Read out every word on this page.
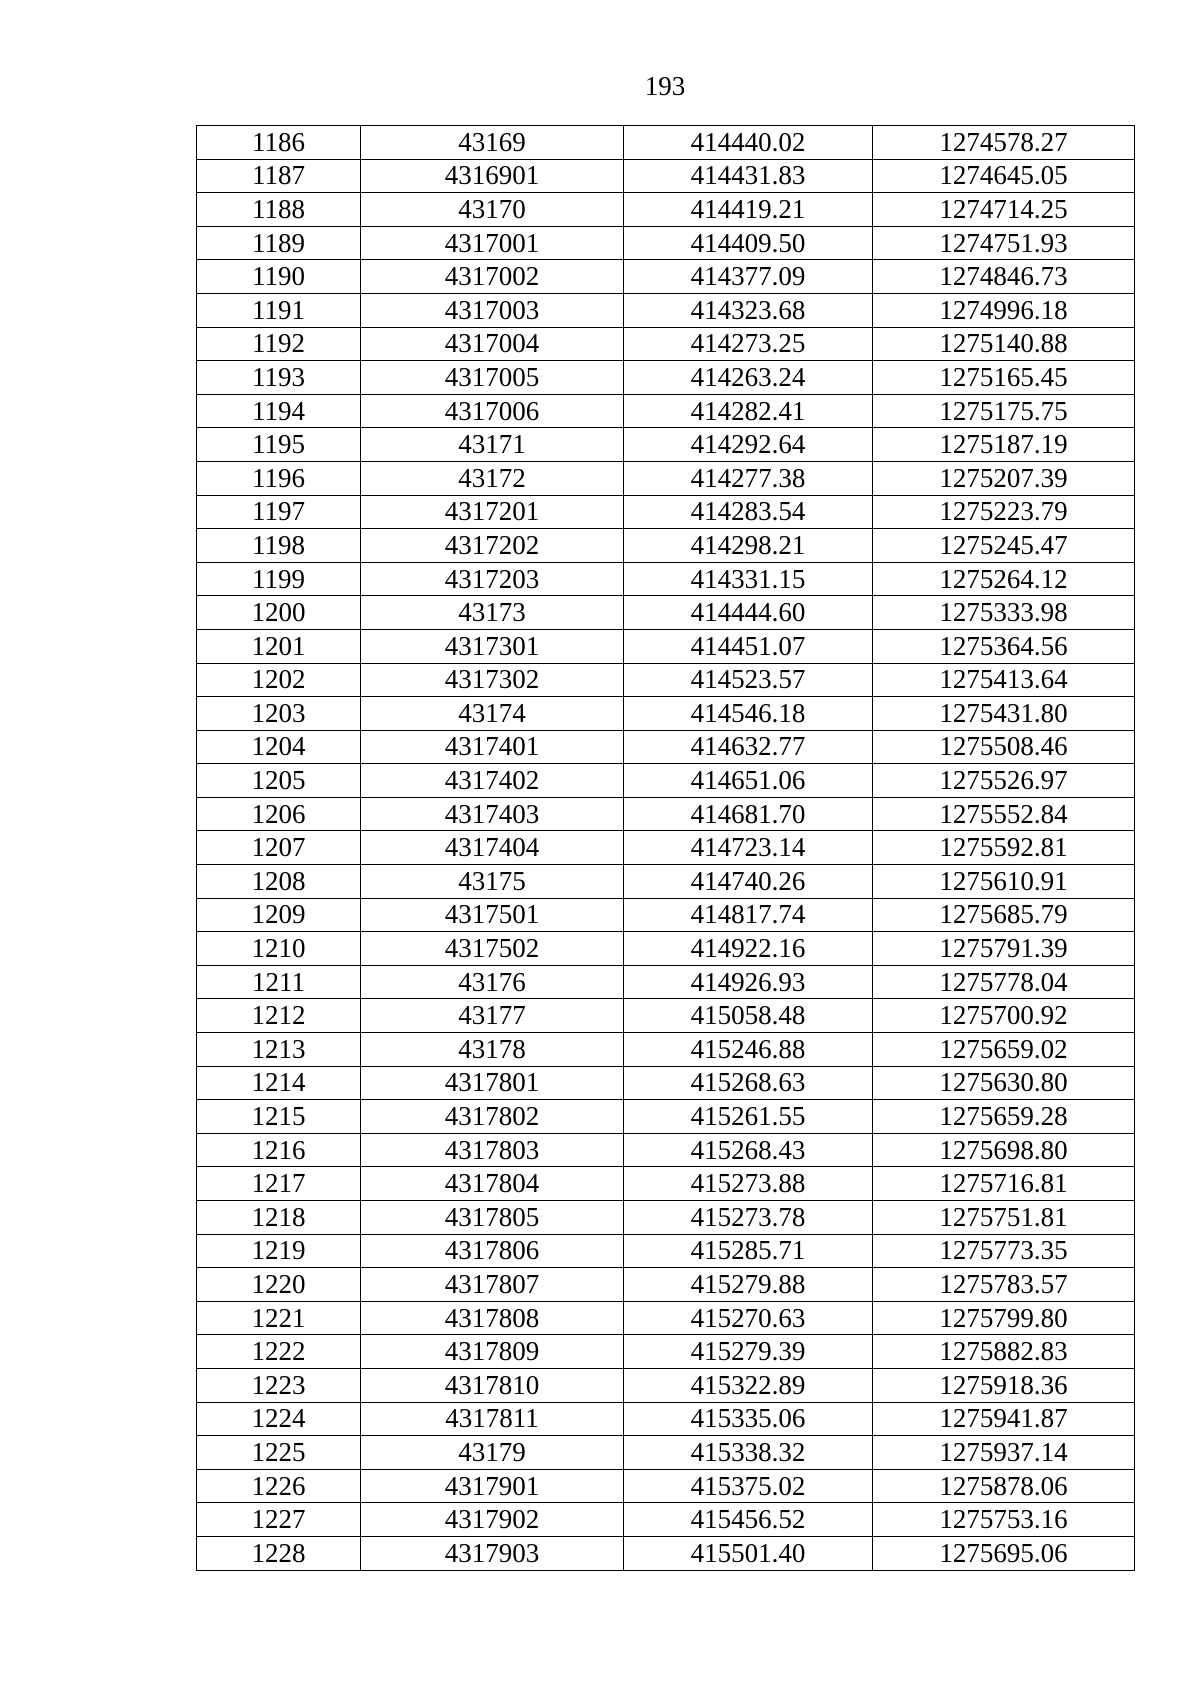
193
1186	43169	414440.02	1274578.27
1187	4316901	414431.83	1274645.05
1188	43170	414419.21	1274714.25
1189	4317001	414409.50	1274751.93
1190	4317002	414377.09	1274846.73
1191	4317003	414323.68	1274996.18
1192	4317004	414273.25	1275140.88
1193	4317005	414263.24	1275165.45
1194	4317006	414282.41	1275175.75
1195	43171	414292.64	1275187.19
1196	43172	414277.38	1275207.39
1197	4317201	414283.54	1275223.79
1198	4317202	414298.21	1275245.47
1199	4317203	414331.15	1275264.12
1200	43173	414444.60	1275333.98
1201	4317301	414451.07	1275364.56
1202	4317302	414523.57	1275413.64
1203	43174	414546.18	1275431.80
1204	4317401	414632.77	1275508.46
1205	4317402	414651.06	1275526.97
1206	4317403	414681.70	1275552.84
1207	4317404	414723.14	1275592.81
1208	43175	414740.26	1275610.91
1209	4317501	414817.74	1275685.79
1210	4317502	414922.16	1275791.39
1211	43176	414926.93	1275778.04
1212	43177	415058.48	1275700.92
1213	43178	415246.88	1275659.02
1214	4317801	415268.63	1275630.80
1215	4317802	415261.55	1275659.28
1216	4317803	415268.43	1275698.80
1217	4317804	415273.88	1275716.81
1218	4317805	415273.78	1275751.81
1219	4317806	415285.71	1275773.35
1220	4317807	415279.88	1275783.57
1221	4317808	415270.63	1275799.80
1222	4317809	415279.39	1275882.83
1223	4317810	415322.89	1275918.36
1224	4317811	415335.06	1275941.87
1225	43179	415338.32	1275937.14
1226	4317901	415375.02	1275878.06
1227	4317902	415456.52	1275753.16
1228	4317903	415501.40	1275695.06
